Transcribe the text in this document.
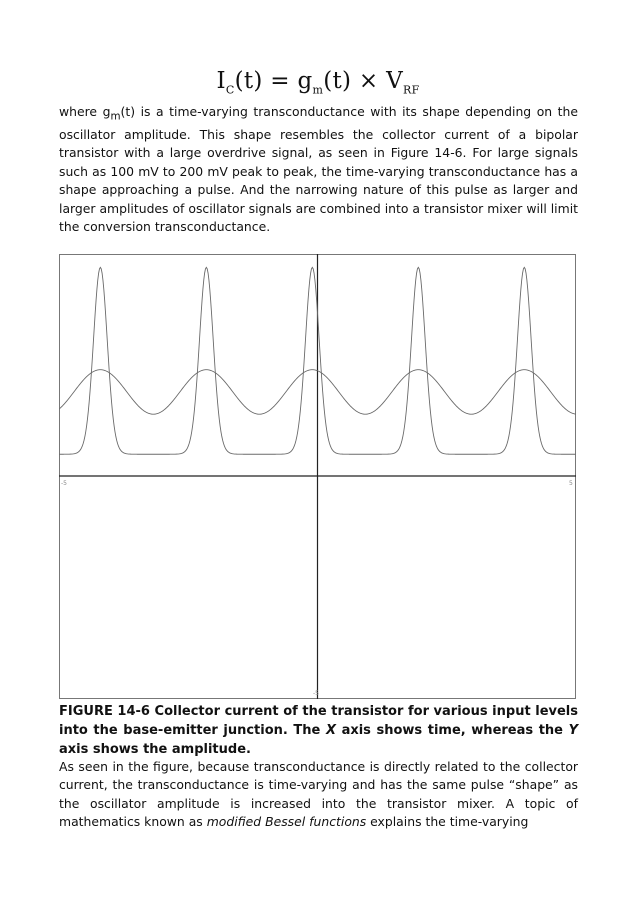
$I_C(t) = g_m(t) \times V_{RF}$
where $g_m(t)$ is a time-varying transconductance with its shape depending on the oscillator amplitude. This shape resembles the collector current of a bipolar transistor with a large overdrive signal, as seen in Figure 14-6. For large signals such as 100 mV to 200 mV peak to peak, the time-varying transconductance has a shape approaching a pulse. And the narrowing nature of this pulse as larger and larger amplitudes of oscillator signals are combined into a transistor mixer will limit the conversion transconductance.
-5	5
-5
FIGURE 14-6 Collector current of the transistor for various input levels into the base-emitter junction. The X axis shows time, whereas the Y axis shows the amplitude.
As seen in the figure, because transconductance is directly related to the collector current, the transconductance is time-varying and has the same pulse “shape” as the oscillator amplitude is increased into the transistor mixer. A topic of mathematics known as modified Bessel functions explains the time-varying
